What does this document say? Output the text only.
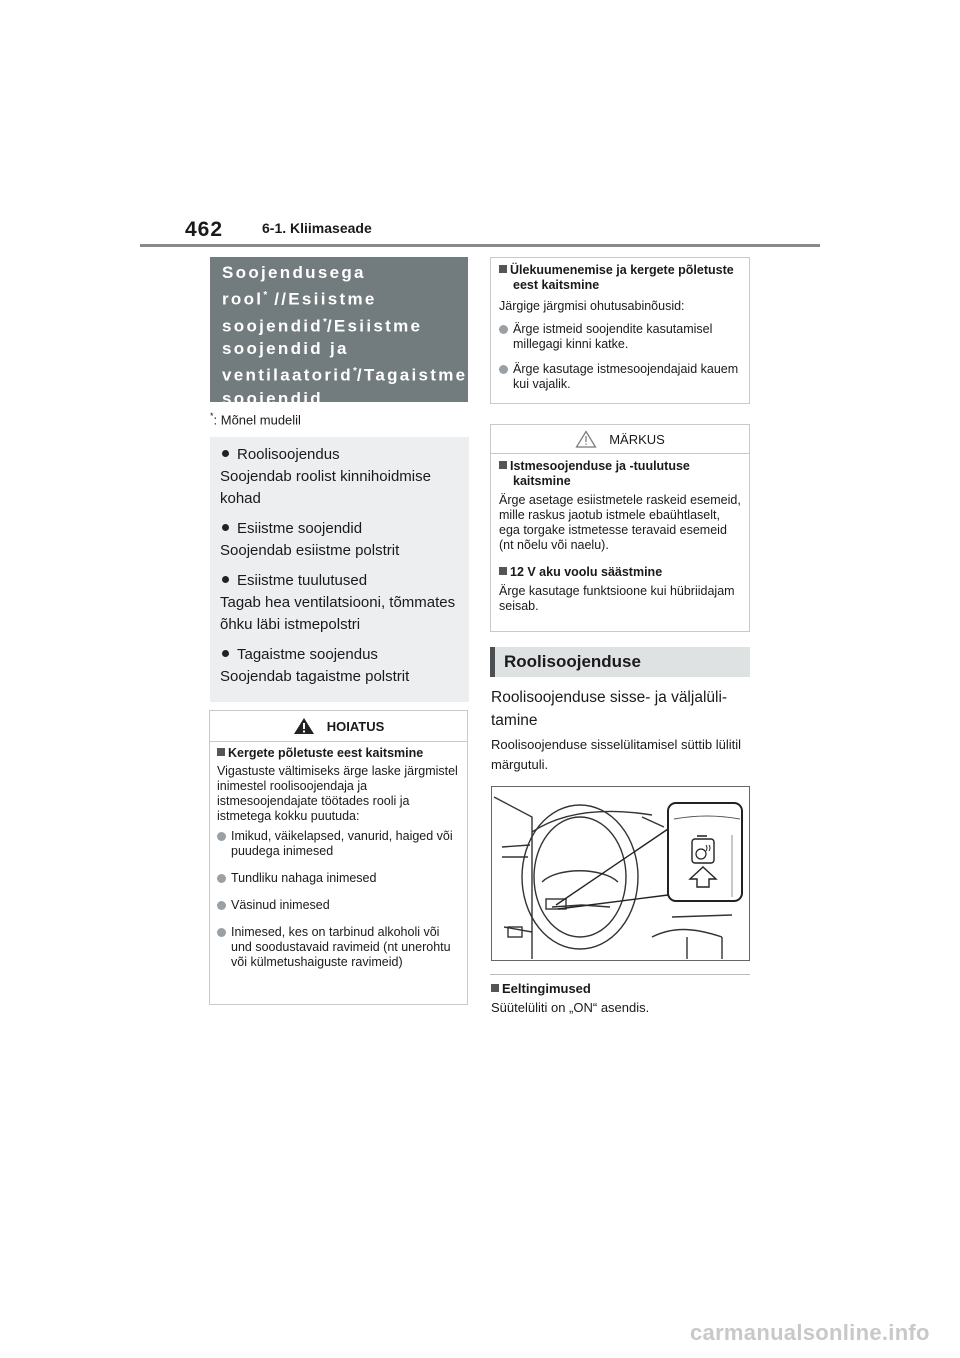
462	6-1. Kliimaseade
Soojendusega
rool* //Esiistme
soojendid*/Esiistme
soojendid ja
ventilaatorid*/Tagaistme
soojendid
*: Mõnel mudelil
Roolisoojendus
Soojendab roolist kinnihoidmise kohad
Esiistme soojendid
Soojendab esiistme polstrit
Esiistme tuulutused
Tagab hea ventilatsiooni, tõmmates õhku läbi istmepolstri
Tagaistme soojendus
Soojendab tagaistme polstrit
HOIATUS
Kergete põletuste eest kaitsmine
Vigastuste vältimiseks ärge laske järgmistel inimestel roolisoojendaja ja istmesoojendajate töötades rooli ja istmetega kokku puutuda:
Imikud, väikelapsed, vanurid, haiged või puudega inimesed
Tundliku nahaga inimesed
Väsinud inimesed
Inimesed, kes on tarbinud alkoholi või und soodustavaid ravimeid (nt unerohtu või külmetushaiguste ravimeid)
Ülekuumenemise ja kergete põletuste eest kaitsmine
Järgige järgmisi ohutusabinõusid:
Ärge istmeid soojendite kasutamisel millegagi kinni katke.
Ärge kasutage istmesoojendajaid kauem kui vajalik.
MÄRKUS
Istmesoojenduse ja -tuulutuse kaitsmine
Ärge asetage esiistmetele raskeid esemeid, mille raskus jaotub istmele ebaühtlaselt, ega torgake istmetesse teravaid esemeid (nt nõelu või naelu).
12 V aku voolu säästmine
Ärge kasutage funktsioone kui hübriidajam seisab.
Roolisoojenduse
Roolisoojenduse sisse- ja väljalüli-tamine
Roolisoojenduse sisselülitamisel süttib lülitil märgutuli.
Eeltingimused
Süütelüliti on „ON“ asendis.
carmanualsonline.info
